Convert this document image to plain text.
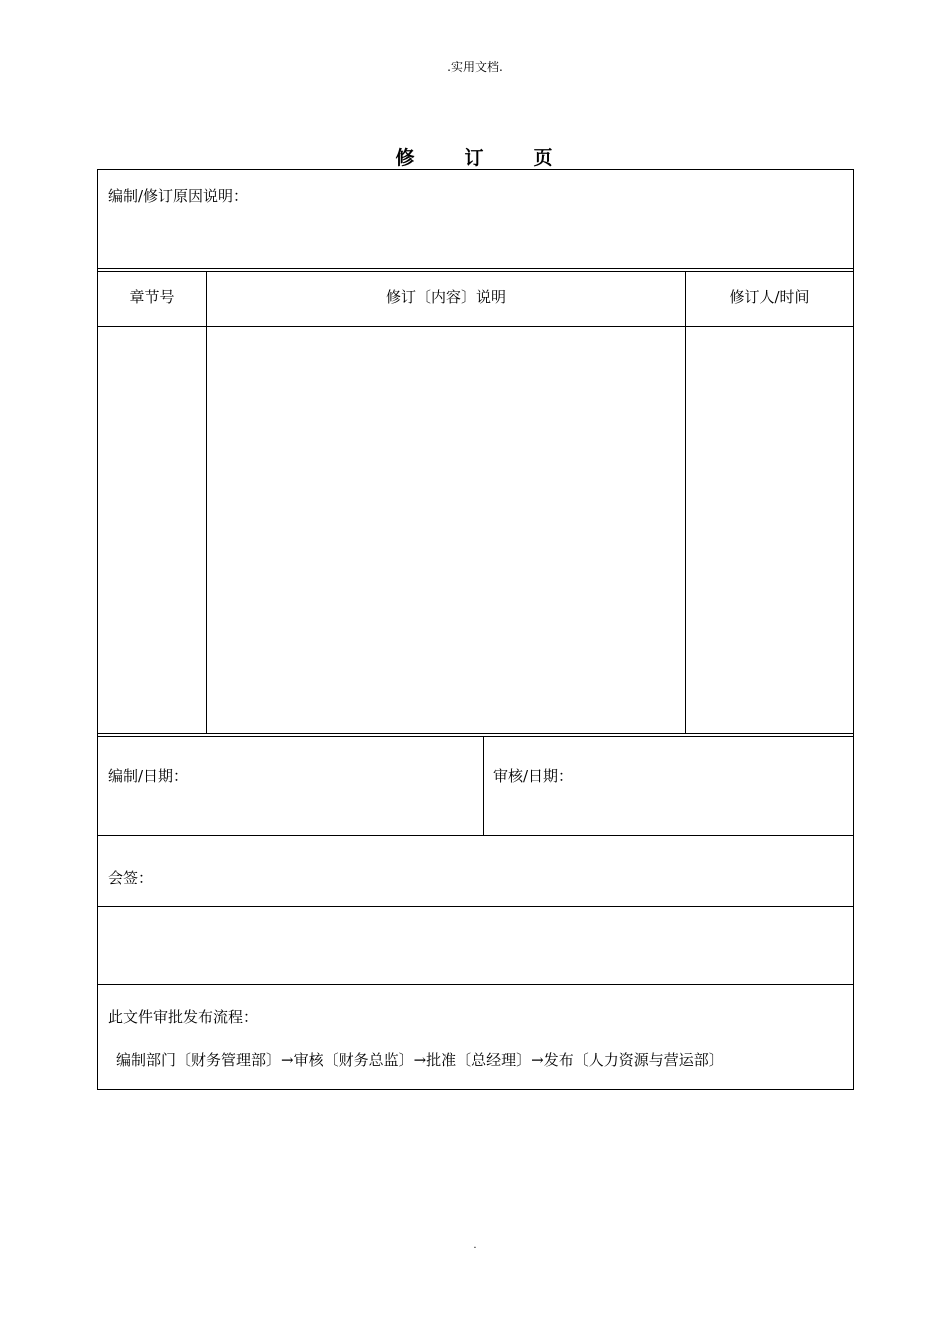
.实用文档.
修	订	页
编制/修订原因说明：
章节号	修订〔内容〕说明	修订人/时间
编制/日期：	审核/日期：
会签：
此文件审批发布流程：
编制部门〔财务管理部〕→审核〔财务总监〕→批准〔总经理〕→发布〔人力资源与营运部〕
.
